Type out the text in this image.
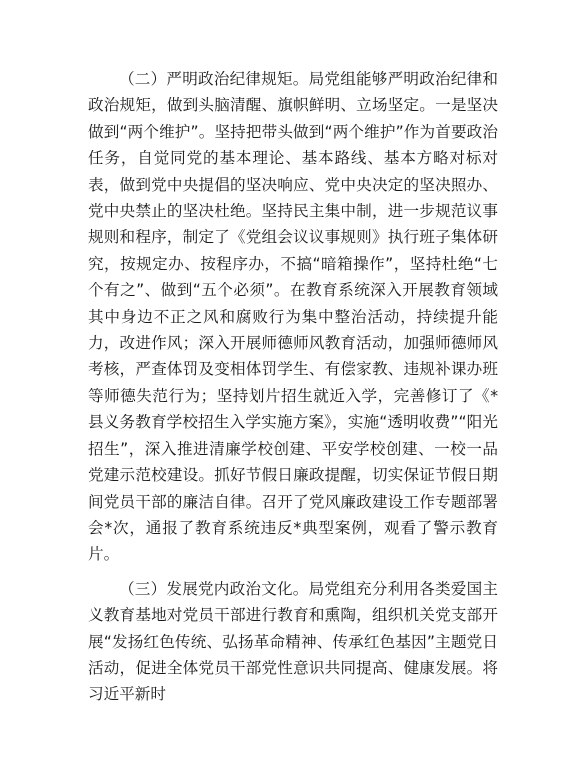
（二）严明政治纪律规矩。局党组能够严明政治纪律和政治规矩，做到头脑清醒、旗帜鲜明、立场坚定。一是坚决做到“两个维护”。坚持把带头做到“两个维护”作为首要政治任务，自觉同党的基本理论、基本路线、基本方略对标对表，做到党中央提倡的坚决响应、党中央决定的坚决照办、党中央禁止的坚决杜绝。坚持民主集中制，进一步规范议事规则和程序，制定了《党组会议议事规则》执行班子集体研究，按规定办、按程序办，不搞“暗箱操作”，坚持杜绝“七个有之”、做到“五个必须”。在教育系统深入开展教育领域其中身边不正之风和腐败行为集中整治活动，持续提升能力，改进作风；深入开展师德师风教育活动，加强师德师风考核，严查体罚及变相体罚学生、有偿家教、违规补课办班等师德失范行为；坚持划片招生就近入学，完善修订了《*县义务教育学校招生入学实施方案》，实施“透明收费”“阳光招生”，深入推进清廉学校创建、平安学校创建、一校一品党建示范校建设。抓好节假日廉政提醒，切实保证节假日期间党员干部的廉洁自律。召开了党风廉政建设工作专题部署会*次，通报了教育系统违反*典型案例，观看了警示教育片。

（三）发展党内政治文化。局党组充分利用各类爱国主义教育基地对党员干部进行教育和熏陶，组织机关党支部开展“发扬红色传统、弘扬革命精神、传承红色基因”主题党日活动，促进全体党员干部党性意识共同提高、健康发展。将习近平新时
